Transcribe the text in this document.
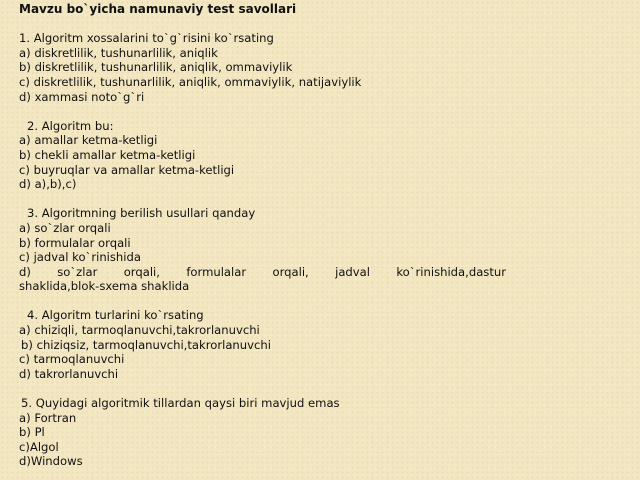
Mavzu bo`yicha namunaviy test savollari
1. Algoritm xossalarini to`g`risini ko`rsating
a) diskretlilik, tushunarlilik, aniqlik
b) diskretlilik, tushunarlilik, aniqlik, ommaviylik
c) diskretlilik, tushunarlilik, aniqlik, ommaviylik, natijaviylik
d) xammasi noto`g`ri
2. Algoritm bu:
a) amallar ketma-ketligi
b) chekli amallar ketma-ketligi
c) buyruqlar va amallar ketma-ketligi
d) a),b),c)
3. Algoritmning berilish usullari qanday
a) so`zlar orqali
b) formulalar orqali
c) jadval ko`rinishida
d) so`zlar orqali, formulalar orqali, jadval ko`rinishida,dastur
shaklida,blok-sxema shaklida
4. Algoritm turlarini ko`rsating
a) chiziqli, tarmoqlanuvchi,takrorlanuvchi
b) chiziqsiz, tarmoqlanuvchi,takrorlanuvchi
c) tarmoqlanuvchi
d) takrorlanuvchi
5. Quyidagi algoritmik tillardan qaysi biri mavjud emas
a) Fortran
b) Pl
c)Algol
d)Windows
